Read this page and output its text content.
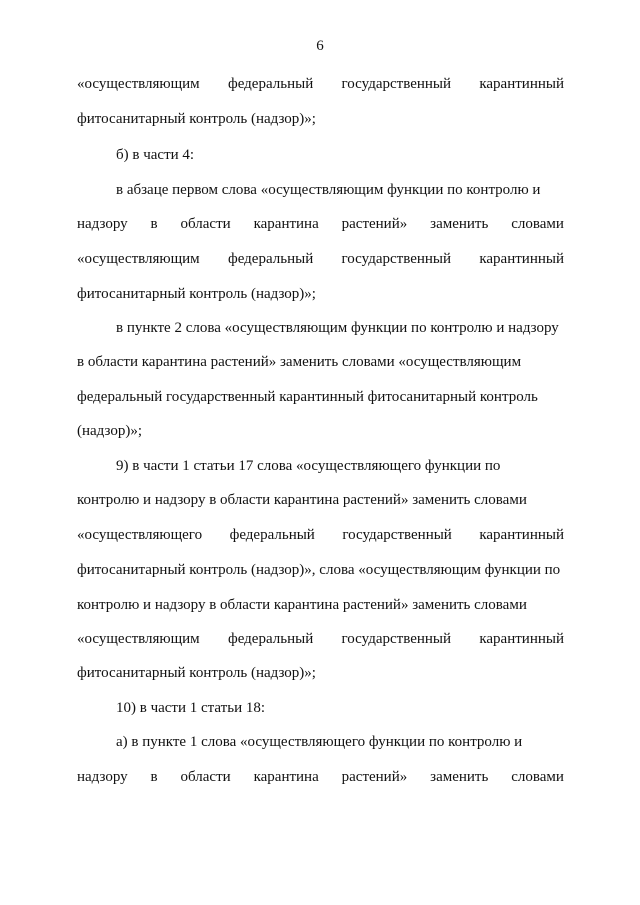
6
«осуществляющим федеральный государственный карантинный
фитосанитарный контроль (надзор)»;
б) в части 4:
в абзаце первом слова «осуществляющим функции по контролю и
надзору в области карантина растений» заменить словами
«осуществляющим федеральный государственный карантинный
фитосанитарный контроль (надзор)»;
в пункте 2 слова «осуществляющим функции по контролю и надзору
в области карантина растений» заменить словами «осуществляющим
федеральный государственный карантинный фитосанитарный контроль
(надзор)»;
9) в части 1 статьи 17 слова «осуществляющего функции по
контролю и надзору в области карантина растений» заменить словами
«осуществляющего федеральный государственный карантинный
фитосанитарный контроль (надзор)», слова «осуществляющим функции по
контролю и надзору в области карантина растений» заменить словами
«осуществляющим федеральный государственный карантинный
фитосанитарный контроль (надзор)»;
10) в части 1 статьи 18:
а) в пункте 1 слова «осуществляющего функции по контролю и
надзору в области карантина растений» заменить словами
